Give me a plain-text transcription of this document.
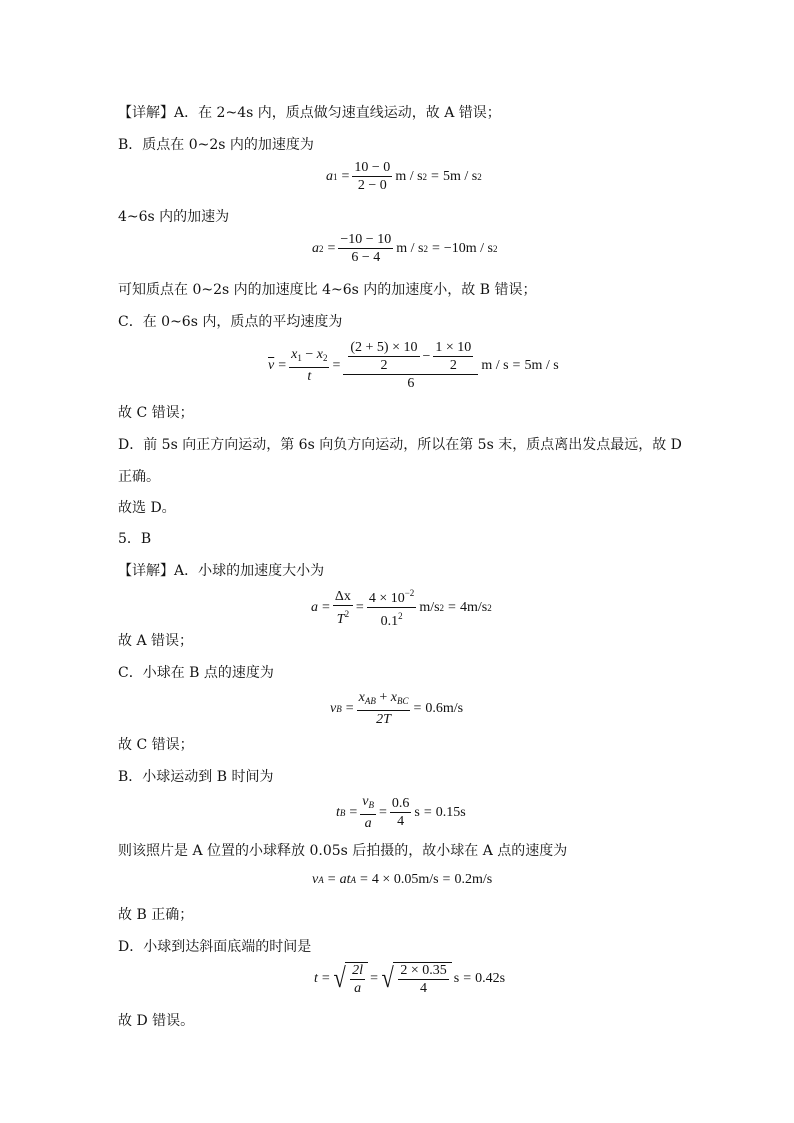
【详解】A．在 2~4s 内，质点做匀速直线运动，故 A 错误；
B．质点在 0~2s 内的加速度为
a $1 = \frac{10 - 0}{2 - 0}$ m / s 2 = 5m / s 2
4~6s 内的加速为
a $2 = \frac{-10 - 10}{6 - 4}$ m / s 2 = −10m / s 2
可知质点在 0~2s 内的加速度比 4~6s 内的加速度小，故 B 错误；
C．在 0~6s 内，质点的平均速度为
$\overline{v} = \frac{x_1 - x_2}{t} = \frac{\frac{(2 + 5) \times 10}{2} - \frac{1 \times 10}{2}}{6}$ m / s = 5m / s
故 C 错误；
D．前 5s 向正方向运动，第 6s 向负方向运动，所以在第 5s 末，质点离出发点最远，故 D
正确。
故选 D。
5．B
【详解】A．小球的加速度大小为
$a = \frac{\Delta x}{T^2} = \frac{4 \times 10^{-2}}{0.1^2} m/s$ 2 = 4m/s 2
故 A 错误；
C．小球在 B 点的速度为
v $B = \frac{x_{AB} + x_{BC}}{2T} = 0.6m/s$
故 C 错误；
B．小球运动到 B 时间为
t $B = \frac{v_B}{a} = \frac{0.6}{4}$ s = 0.15s
则该照片是 A 位置的小球释放 0.05s 后拍摄的，故小球在 A 点的速度为
v A = at A = 4 × 0.05m/s = 0.2m/s
故 B 正确；
D．小球到达斜面底端的时间是
t = √ $\frac{2l}{a}$ = √ $\frac{2 \times 0.35}{4}$ s = 0.42s
故 D 错误。
